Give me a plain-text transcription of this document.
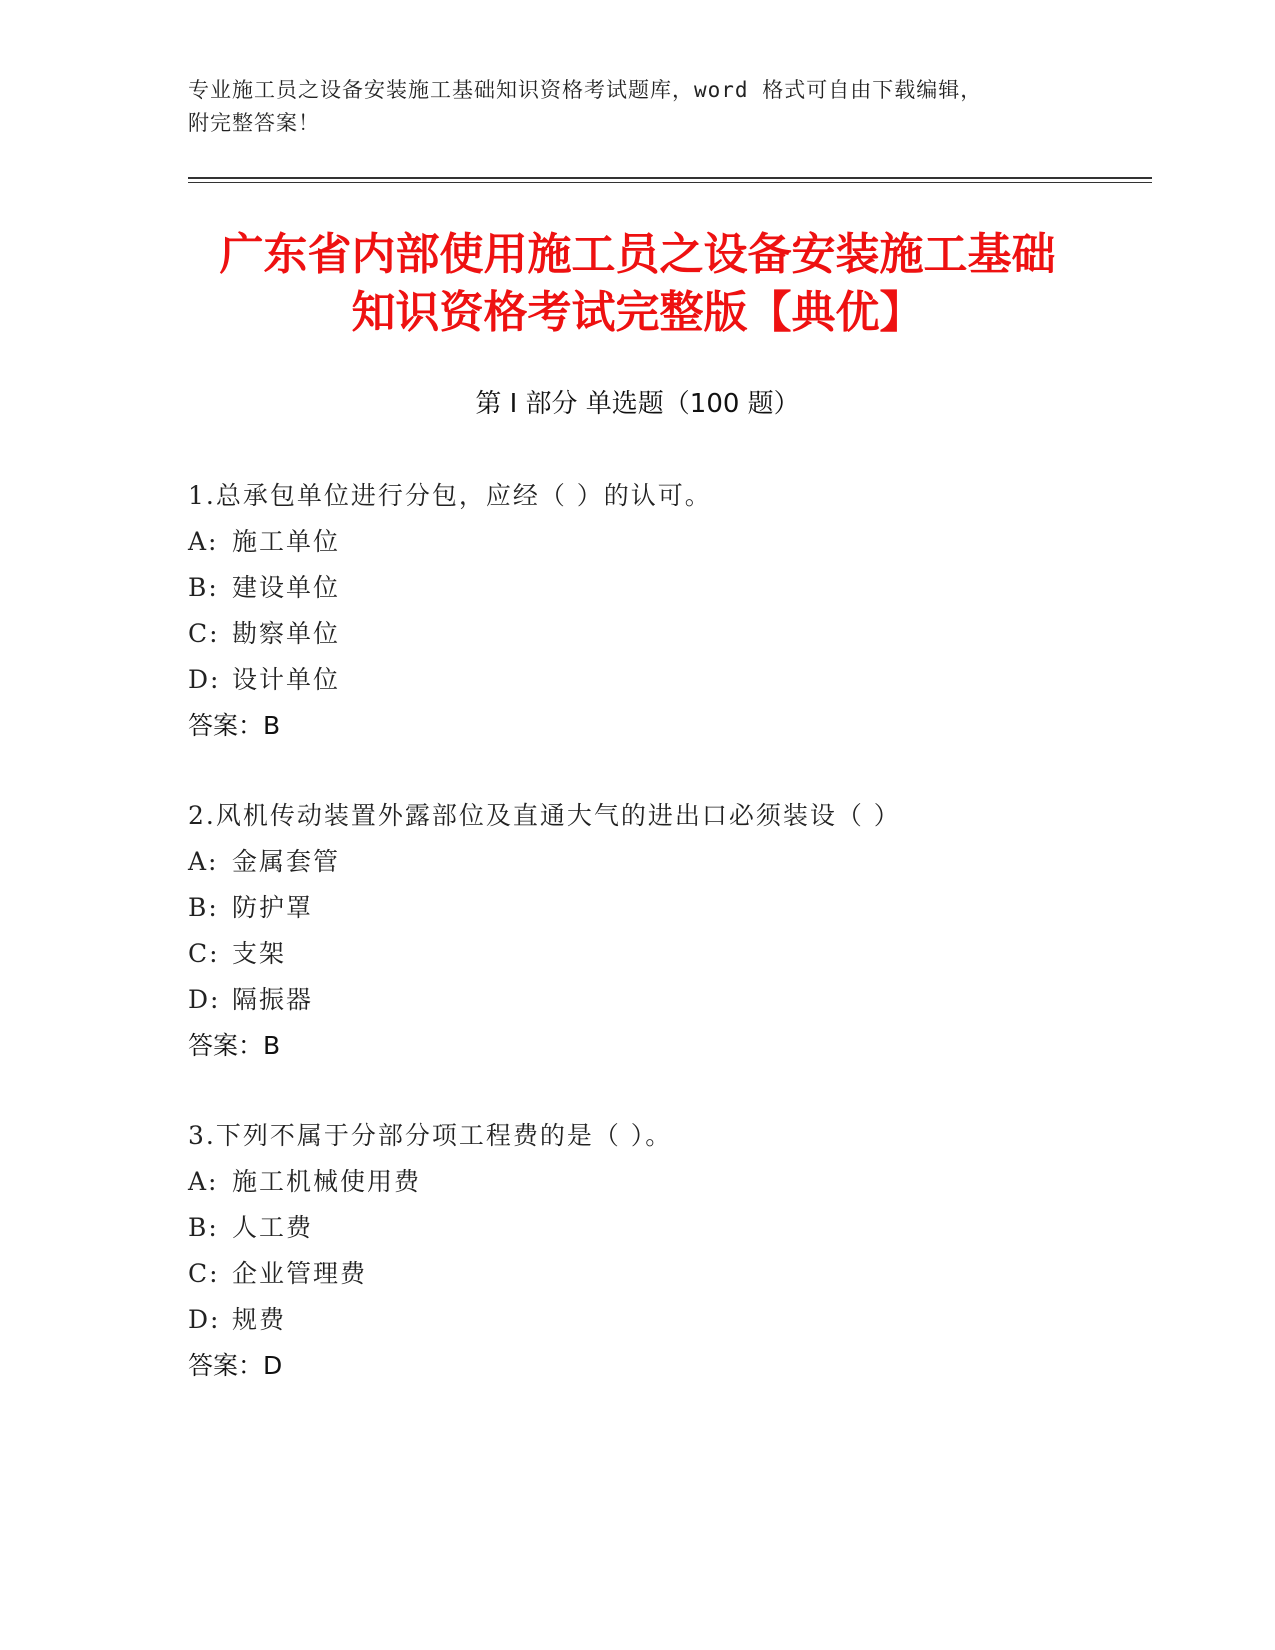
专业施工员之设备安装施工基础知识资格考试题库，word 格式可自由下载编辑，
附完整答案！
广东省内部使用施工员之设备安装施工基础
知识资格考试完整版【典优】
第 I 部分 单选题（100 题）
1.总承包单位进行分包，应经（ ）的认可。
A: 施工单位
B: 建设单位
C: 勘察单位
D: 设计单位
答案：B
2.风机传动装置外露部位及直通大气的进出口必须装设（ ）
A: 金属套管
B: 防护罩
C: 支架
D: 隔振器
答案：B
3.下列不属于分部分项工程费的是（ ）。
A: 施工机械使用费
B: 人工费
C: 企业管理费
D: 规费
答案：D
